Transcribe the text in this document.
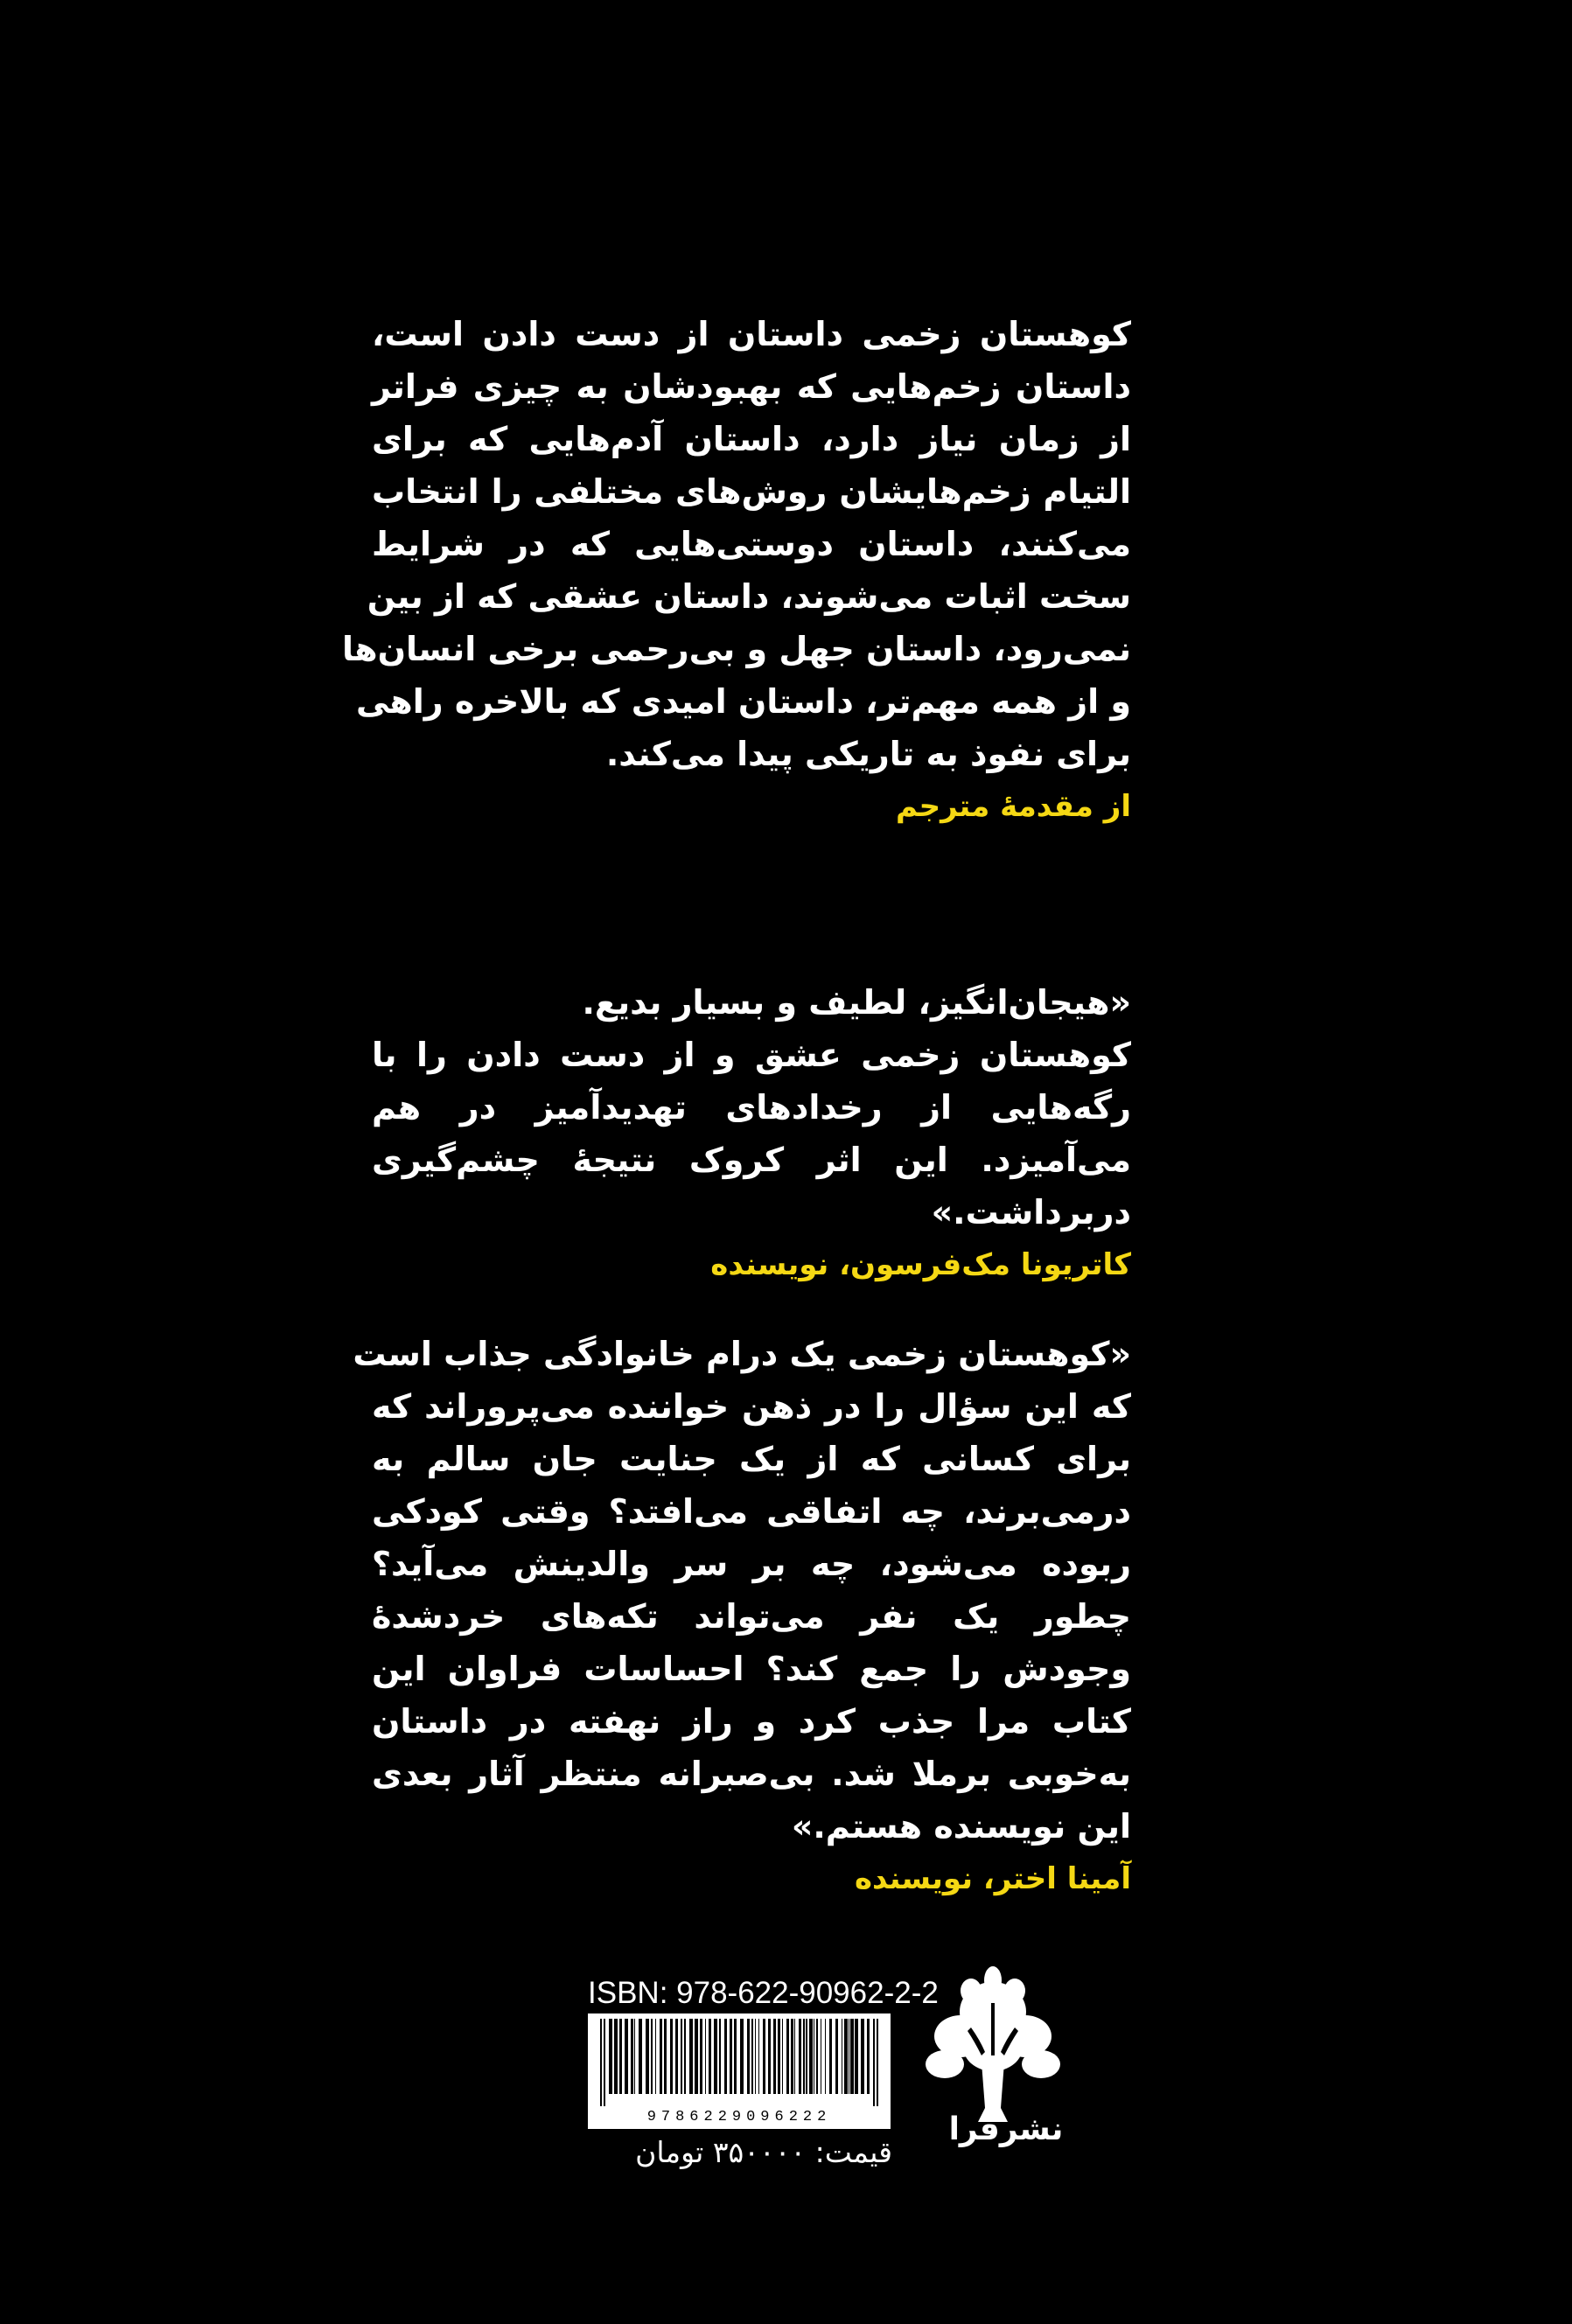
کوهستان زخمی داستان از دست دادن است،
داستان زخم‌هایی که بهبودشان به چیزی فراتر
از زمان نیاز دارد، داستان آدم‌هایی که برای
التیام زخم‌هایشان روش‌های مختلفی را انتخاب
می‌کنند، داستان دوستی‌هایی که در شرایط
سخت اثبات می‌شوند، داستان عشقی که از بین
نمی‌رود، داستان جهل و بی‌رحمی برخی انسان‌ها
و از همه مهم‌تر، داستان امیدی که بالاخره راهی
برای نفوذ به تاریکی پیدا می‌کند.
از مقدمهٔ مترجم
«هیجان‌انگیز، لطیف و بسیار بدیع.
کوهستان زخمی عشق و از دست دادن را با
رگه‌هایی از رخدادهای تهدیدآمیز در هم
می‌آمیزد. این اثر کروک نتیجهٔ چشم‌گیری
دربرداشت.»
کاتریونا مک‌فرسون، نویسنده
«کوهستان زخمی یک درام خانوادگی جذاب است
که این سؤال را در ذهن خواننده می‌پروراند که
برای کسانی که از یک جنایت جان سالم به
درمی‌برند، چه اتفاقی می‌افتد؟ وقتی کودکی
ربوده می‌شود، چه بر سر والدینش می‌آید؟
چطور یک نفر می‌تواند تکه‌های خردشدهٔ
وجودش را جمع کند؟ احساسات فراوان این
کتاب مرا جذب کرد و راز نهفته در داستان
به‌خوبی برملا شد. بی‌صبرانه منتظر آثار بعدی
این نویسنده هستم.»
آمینا اختر، نویسنده
ISBN: 978-622-90962-2-2
9786229096222
قیمت: ۳۵۰۰۰۰ تومان
نشرفرا
